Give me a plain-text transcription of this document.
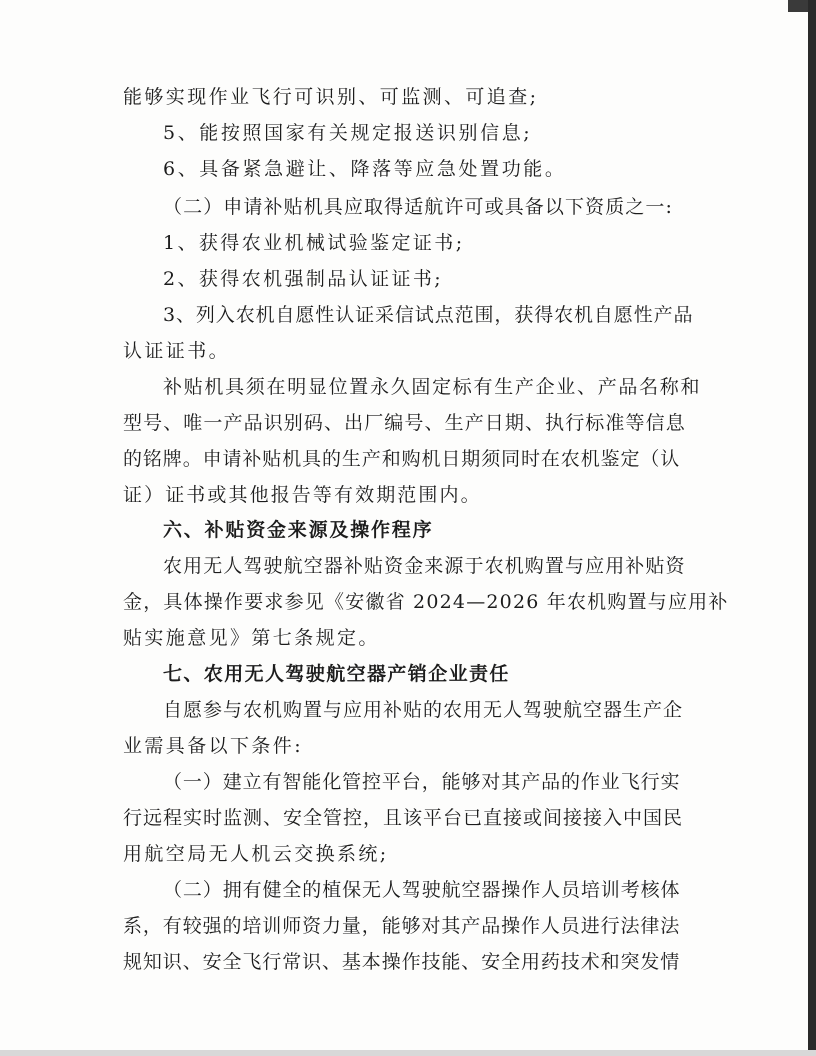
能够实现作业飞行可识别、可监测、可追查;

5、能按照国家有关规定报送识别信息;

6、具备紧急避让、降落等应急处置功能。

（二）申请补贴机具应取得适航许可或具备以下资质之一:

1、获得农业机械试验鉴定证书;

2、获得农机强制品认证证书;

3、列入农机自愿性认证采信试点范围，获得农机自愿性产品

认证证书。

补贴机具须在明显位置永久固定标有生产企业、产品名称和

型号、唯一产品识别码、出厂编号、生产日期、执行标准等信息

的铭牌。申请补贴机具的生产和购机日期须同时在农机鉴定（认

证）证书或其他报告等有效期范围内。

六、补贴资金来源及操作程序

农用无人驾驶航空器补贴资金来源于农机购置与应用补贴资

金，具体操作要求参见《安徽省 2024—2026 年农机购置与应用补

贴实施意见》第七条规定。

七、农用无人驾驶航空器产销企业责任

自愿参与农机购置与应用补贴的农用无人驾驶航空器生产企

业需具备以下条件:

（一）建立有智能化管控平台，能够对其产品的作业飞行实

行远程实时监测、安全管控，且该平台已直接或间接接入中国民

用航空局无人机云交换系统;

（二）拥有健全的植保无人驾驶航空器操作人员培训考核体

系，有较强的培训师资力量，能够对其产品操作人员进行法律法

规知识、安全飞行常识、基本操作技能、安全用药技术和突发情
